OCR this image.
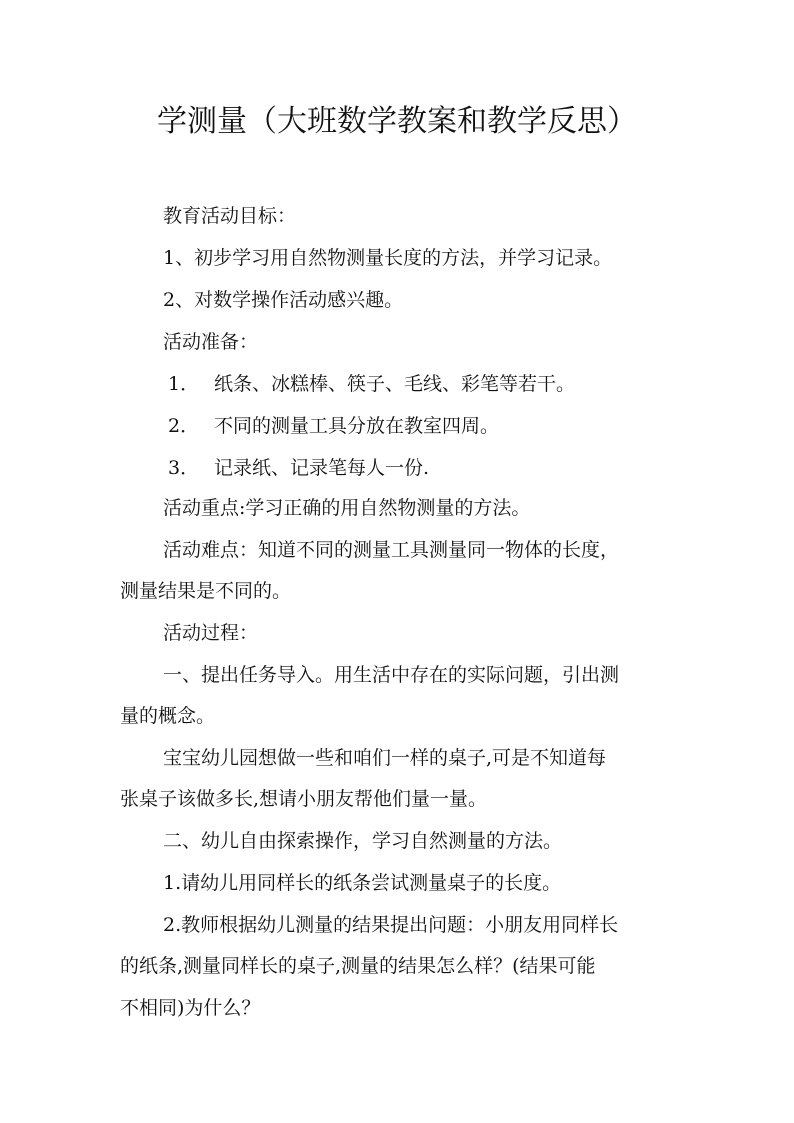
学测量（大班数学教案和教学反思）

教育活动目标：

1、初步学习用自然物测量长度的方法，并学习记录。

2、对数学操作活动感兴趣。

活动准备：

1． 纸条、冰糕棒、筷子、毛线、彩笔等若干。

2． 不同的测量工具分放在教室四周。

3． 记录纸、记录笔每人一份.

活动重点:学习正确的用自然物测量的方法。

活动难点：知道不同的测量工具测量同一物体的长度，

测量结果是不同的。

活动过程：

一、提出任务导入。用生活中存在的实际问题，引出测

量的概念。

宝宝幼儿园想做一些和咱们一样的桌子,可是不知道每

张桌子该做多长,想请小朋友帮他们量一量。

二、幼儿自由探索操作，学习自然测量的方法。

1.请幼儿用同样长的纸条尝试测量桌子的长度。

2.教师根据幼儿测量的结果提出问题：小朋友用同样长

的纸条,测量同样长的桌子,测量的结果怎么样？(结果可能

不相同)为什么？
